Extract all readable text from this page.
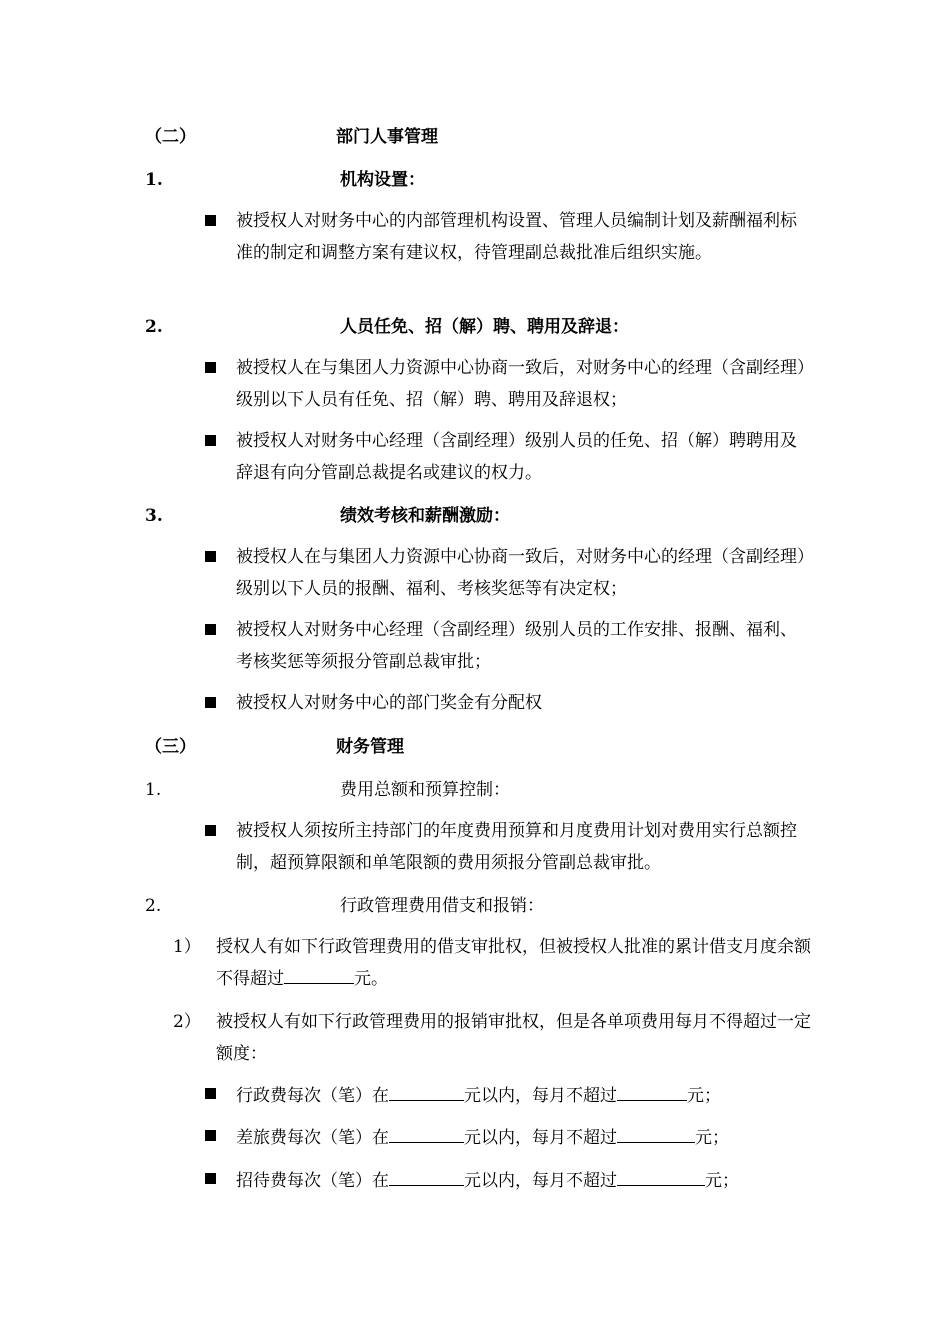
（二）	部门人事管理
1.	机构设置：
被授权人对财务中心的内部管理机构设置、管理人员编制计划及薪酬福利标准的制定和调整方案有建议权，待管理副总裁批准后组织实施。
2.	人员任免、招（解）聘、聘用及辞退：
被授权人在与集团人力资源中心协商一致后，对财务中心的经理（含副经理）级别以下人员有任免、招（解）聘、聘用及辞退权；
被授权人对财务中心经理（含副经理）级别人员的任免、招（解）聘聘用及辞退有向分管副总裁提名或建议的权力。
3.	绩效考核和薪酬激励：
被授权人在与集团人力资源中心协商一致后，对财务中心的经理（含副经理）级别以下人员的报酬、福利、考核奖惩等有决定权；
被授权人对财务中心经理（含副经理）级别人员的工作安排、报酬、福利、考核奖惩等须报分管副总裁审批；
被授权人对财务中心的部门奖金有分配权
（三）	财务管理
1.	费用总额和预算控制：
被授权人须按所主持部门的年度费用预算和月度费用计划对费用实行总额控制，超预算限额和单笔限额的费用须报分管副总裁审批。
2.	行政管理费用借支和报销：
1） 授权人有如下行政管理费用的借支审批权，但被授权人批准的累计借支月度余额不得超过	元。
2） 被授权人有如下行政管理费用的报销审批权，但是各单项费用每月不得超过一定额度：
行政费每次（笔）在	元以内，每月不超过	元；
差旅费每次（笔）在	元以内，每月不超过	元；
招待费每次（笔）在	元以内，每月不超过	元；
